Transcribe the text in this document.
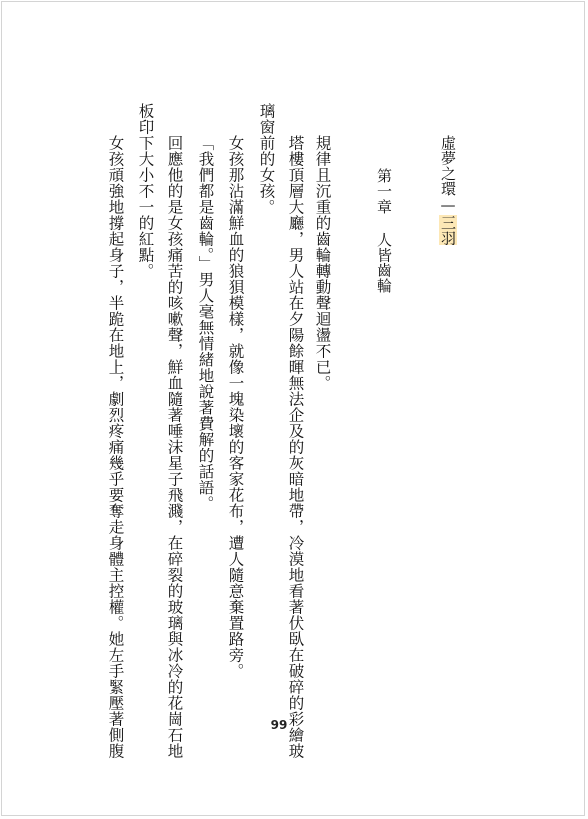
虛夢之環—三羽
第一章人皆齒輪

規律且沉重的齒輪轉動聲迴盪不已。

塔樓頂層大廳，男人站在夕陽餘暉無法企及的灰暗地帶，冷漠地看著伏臥在破碎的彩繪玻

璃窗前的女孩。

女孩那沾滿鮮血的狼狽模樣，就像一塊染壞的客家花布，遭人隨意棄置路旁。

「我們都是齒輪。」男人毫無情緒地說著費解的話語。

回應他的是女孩痛苦的咳嗽聲，鮮血隨著唾沫星子飛濺，在碎裂的玻璃與冰冷的花崗石地

板印下大小不一的紅點。

女孩頑強地撐起身子，半跪在地上，劇烈疼痛幾乎要奪走身體主控權。她左手緊壓著側腹	99
